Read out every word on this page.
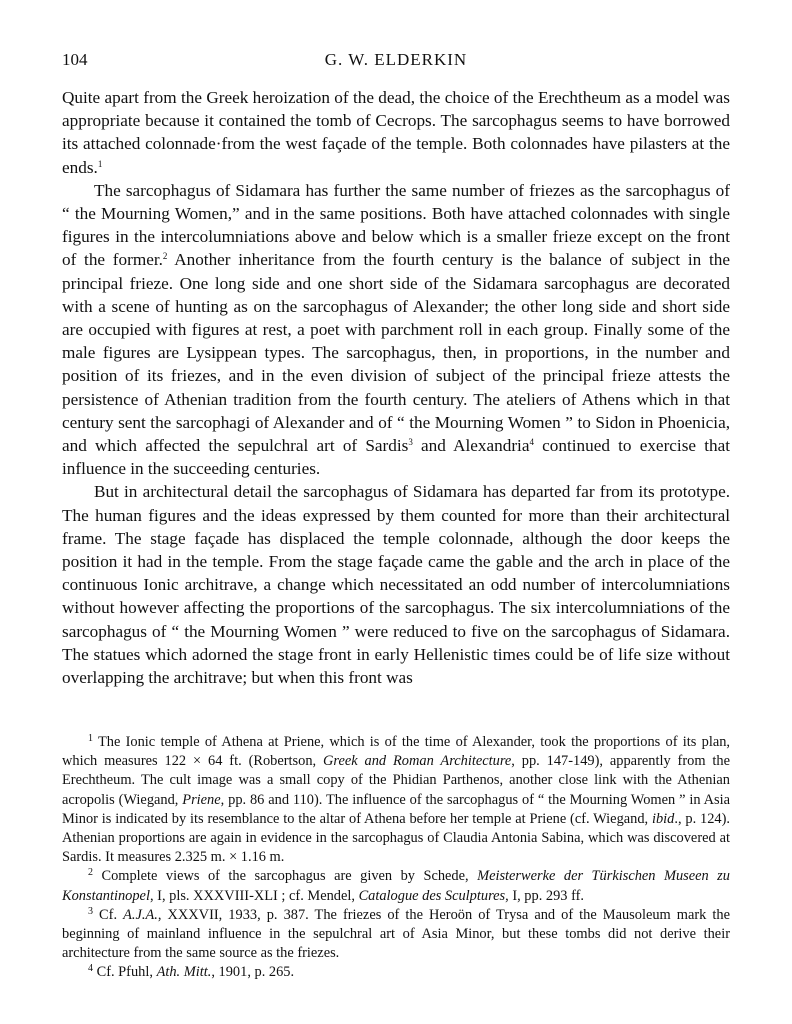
104	G. W. ELDERKIN

Quite apart from the Greek heroization of the dead, the choice of the Erechtheum as a model was appropriate because it contained the tomb of Cecrops. The sarcophagus seems to have borrowed its attached colonnade·from the west façade of the temple. Both colonnades have pilasters at the ends.$^1$

The sarcophagus of Sidamara has further the same number of friezes as the sarcophagus of “ the Mourning Women,” and in the same positions. Both have attached colonnades with single figures in the intercolumniations above and below which is a smaller frieze except on the front of the former.$^2$ Another inheritance from the fourth century is the balance of subject in the principal frieze. One long side and one short side of the Sidamara sarcophagus are decorated with a scene of hunting as on the sarcophagus of Alexander; the other long side and short side are occupied with figures at rest, a poet with parchment roll in each group. Finally some of the male figures are Lysippean types. The sarcophagus, then, in proportions, in the number and position of its friezes, and in the even division of subject of the principal frieze attests the persistence of Athenian tradition from the fourth century. The ateliers of Athens which in that century sent the sarcophagi of Alexander and of “ the Mourning Women ” to Sidon in Phoenicia, and which affected the sepulchral art of Sardis$^3$ and Alexandria$^4$ continued to exercise that influence in the succeeding centuries.

But in architectural detail the sarcophagus of Sidamara has departed far from its prototype. The human figures and the ideas expressed by them counted for more than their architectural frame. The stage façade has displaced the temple colonnade, although the door keeps the position it had in the temple. From the stage façade came the gable and the arch in place of the continuous Ionic architrave, a change which necessitated an odd number of intercolumniations without however affecting the proportions of the sarcophagus. The six intercolumniations of the sarcophagus of “ the Mourning Women ” were reduced to five on the sarcophagus of Sidamara. The statues which adorned the stage front in early Hellenistic times could be of life size without overlapping the architrave; but when this front was

$^1$ The Ionic temple of Athena at Priene, which is of the time of Alexander, took the proportions of its plan, which measures 122 × 64 ft. (Robertson, Greek and Roman Architecture, pp. 147-149), apparently from the Erechtheum. The cult image was a small copy of the Phidian Parthenos, another close link with the Athenian acropolis (Wiegand, Priene, pp. 86 and 110). The influence of the sarcophagus of “ the Mourning Women ” in Asia Minor is indicated by its resemblance to the altar of Athena before her temple at Priene (cf. Wiegand, ibid., p. 124). Athenian proportions are again in evidence in the sarcophagus of Claudia Antonia Sabina, which was discovered at Sardis. It measures 2.325 m. × 1.16 m.

$^2$ Complete views of the sarcophagus are given by Schede, Meisterwerke der Türkischen Museen zu Konstantinopel, I, pls. XXXVIII-XLI ; cf. Mendel, Catalogue des Sculptures, I, pp. 293 ff.

$^3$ Cf. A.J.A., XXXVII, 1933, p. 387. The friezes of the Heroön of Trysa and of the Mausoleum mark the beginning of mainland influence in the sepulchral art of Asia Minor, but these tombs did not derive their architecture from the same source as the friezes.

$^4$ Cf. Pfuhl, Ath. Mitt., 1901, p. 265.
